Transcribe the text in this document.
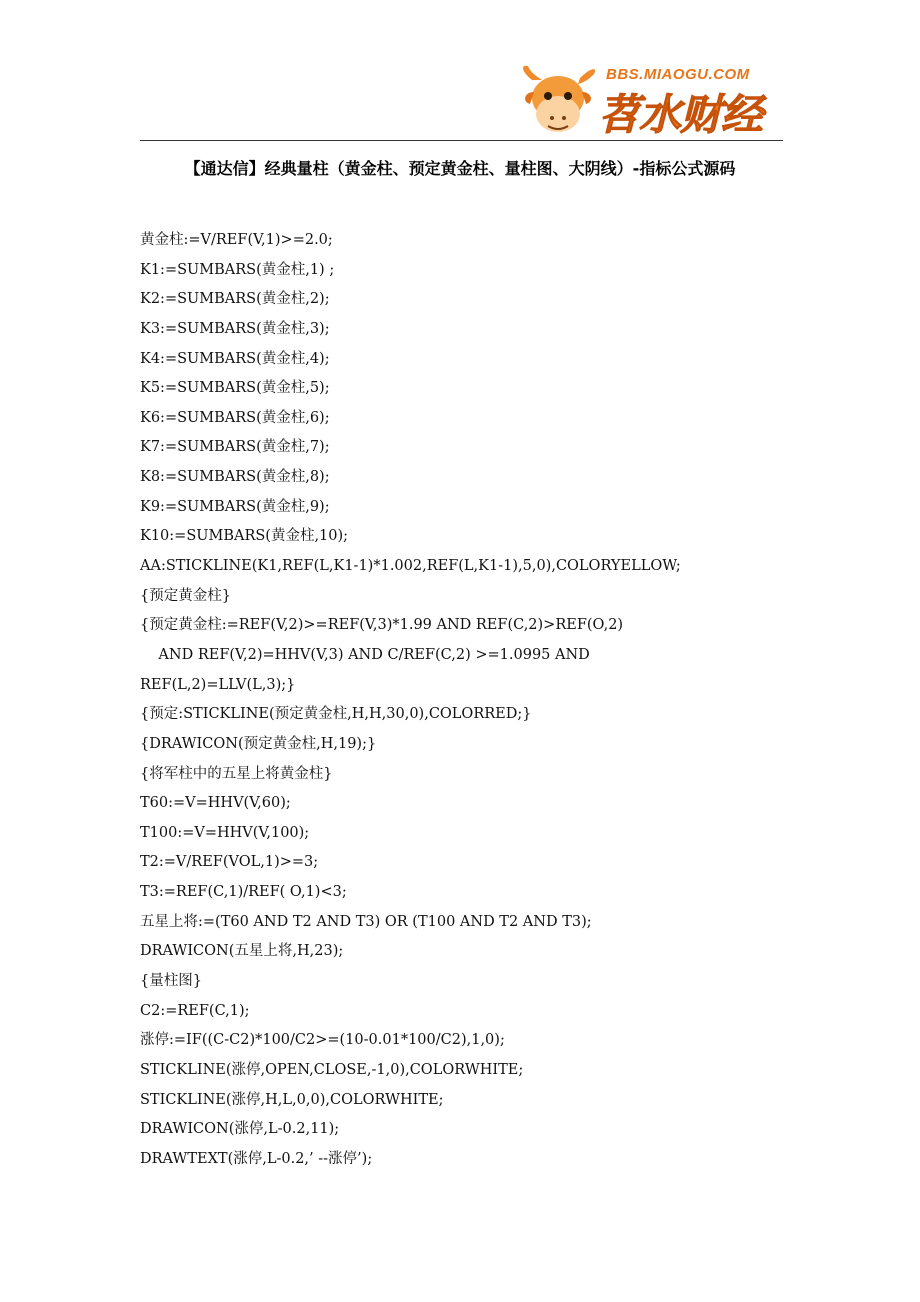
BBS.MIAOGU.COM
苕水财经
【通达信】经典量柱（黄金柱、预定黄金柱、量柱图、大阴线）-指标公式源码
黄金柱:=V/REF(V,1)>=2.0;
K1:=SUMBARS(黄金柱,1) ;
K2:=SUMBARS(黄金柱,2);
K3:=SUMBARS(黄金柱,3);
K4:=SUMBARS(黄金柱,4);
K5:=SUMBARS(黄金柱,5);
K6:=SUMBARS(黄金柱,6);
K7:=SUMBARS(黄金柱,7);
K8:=SUMBARS(黄金柱,8);
K9:=SUMBARS(黄金柱,9);
K10:=SUMBARS(黄金柱,10);
AA:STICKLINE(K1,REF(L,K1-1)*1.002,REF(L,K1-1),5,0),COLORYELLOW;
{预定黄金柱}
{预定黄金柱:=REF(V,2)>=REF(V,3)*1.99 AND REF(C,2)>REF(O,2)
AND REF(V,2)=HHV(V,3) AND C/REF(C,2) >=1.0995 AND
REF(L,2)=LLV(L,3);}
{预定:STICKLINE(预定黄金柱,H,H,30,0),COLORRED;}
{DRAWICON(预定黄金柱,H,19);}
{将军柱中的五星上将黄金柱}
T60:=V=HHV(V,60);
T100:=V=HHV(V,100);
T2:=V/REF(VOL,1)>=3;
T3:=REF(C,1)/REF( O,1)<3;
五星上将:=(T60 AND T2 AND T3) OR (T100 AND T2 AND T3);
DRAWICON(五星上将,H,23);
{量柱图}
C2:=REF(C,1);
涨停:=IF((C-C2)*100/C2>=(10-0.01*100/C2),1,0);
STICKLINE(涨停,OPEN,CLOSE,-1,0),COLORWHITE;
STICKLINE(涨停,H,L,0,0),COLORWHITE;
DRAWICON(涨停,L-0.2,11);
DRAWTEXT(涨停,L-0.2,’ --涨停’);
